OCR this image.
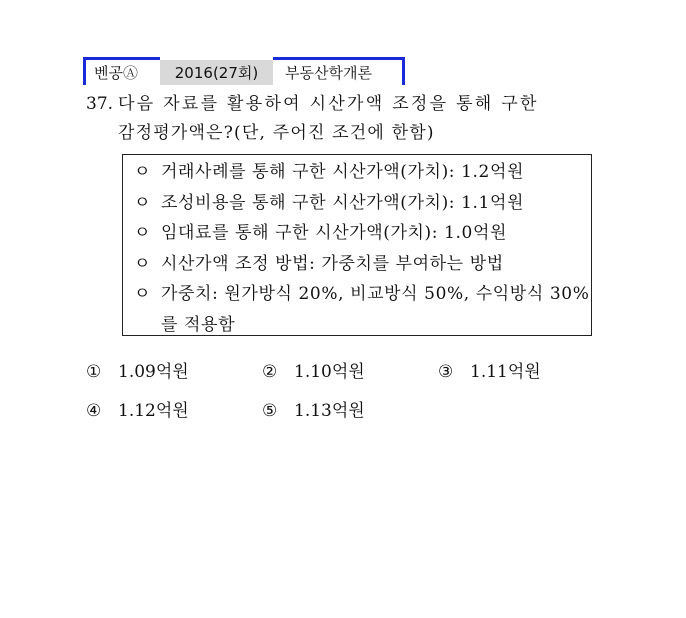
벤공Ⓐ	2016(27회)	부동산학개론
37. 다음 자료를 활용하여 시산가액 조정을 통해 구한
감정평가액은?(단, 주어진 조건에 한함)
ㅇ 거래사례를 통해 구한 시산가액(가치): 1.2억원
ㅇ 조성비용을 통해 구한 시산가액(가치): 1.1억원
ㅇ 임대료를 통해 구한 시산가액(가치): 1.0억원
ㅇ 시산가액 조정 방법: 가중치를 부여하는 방법
ㅇ 가중치: 원가방식 20%, 비교방식 50%, 수익방식 30%를 적용함
① 1.09억원	② 1.10억원	③ 1.11억원
④ 1.12억원	⑤ 1.13억원
